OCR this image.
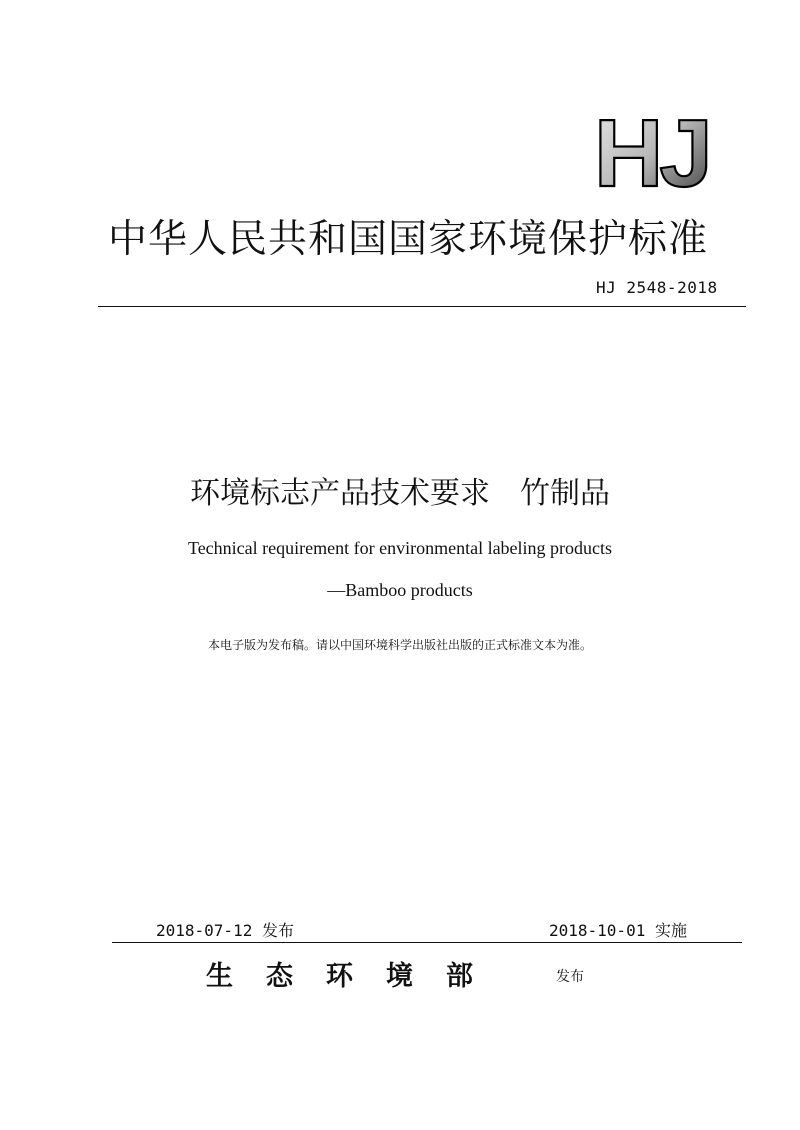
HJ
中华人民共和国国家环境保护标准
HJ 2548-2018
环境标志产品技术要求 竹制品
Technical requirement for environmental labeling products
—Bamboo products
本电子版为发布稿。请以中国环境科学出版社出版的正式标准文本为准。
2018-07-12 发布	2018-10-01 实施
生态环境部	发布
